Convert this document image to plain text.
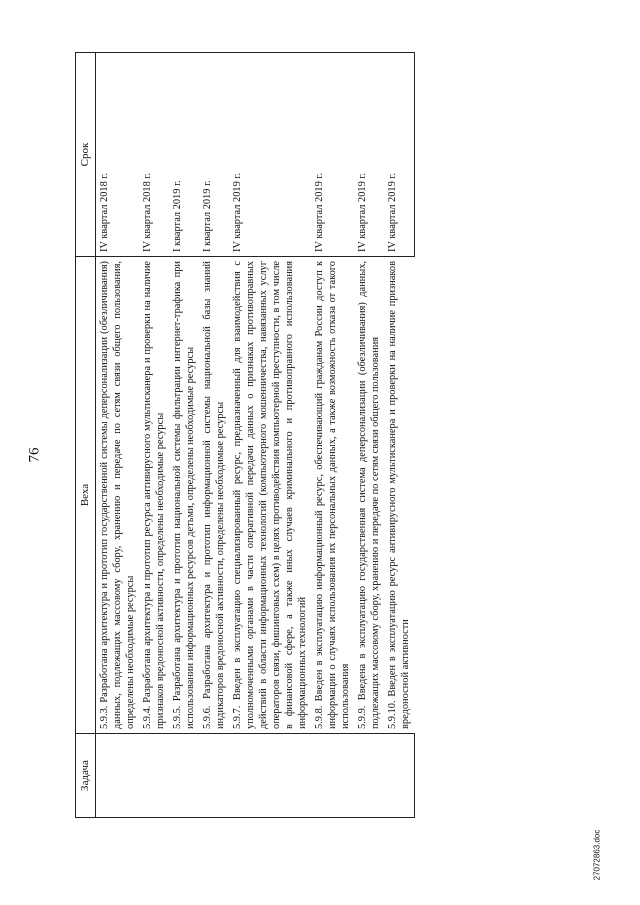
76
Задача	Веха	Срок
	5.9.3. Разработана архитектура и прототип государственной системы деперсонализации (обезличивания) данных, подлежащих массовому сбору, хранению и передаче по сетям связи общего пользования, определены необходимые ресурсы	IV квартал 2018 г.
	5.9.4. Разработана архитектура и прототип ресурса антивирусного мультисканера и проверки на наличие признаков вредоносной активности, определены необходимые ресурсы	IV квартал 2018 г.
	5.9.5. Разработана архитектура и прототип национальной системы фильтрации интернет-трафика при использовании информационных ресурсов детьми, определены необходимые ресурсы	I квартал 2019 г.
	5.9.6. Разработана архитектура и прототип информационной системы национальной базы знаний индикаторов вредоносной активности, определены необходимые ресурсы	I квартал 2019 г.
	5.9.7. Введен в эксплуатацию специализированный ресурс, предназначенный для взаимодействия с уполномоченными органами в части оперативной передачи данных о признаках противоправных действий в области информационных технологий (компьютерного мошенничества, навязанных услуг операторов связи, фишинговых схем) в целях противодействия компьютерной преступности, в том числе в финансовой сфере, а также иных случаев криминального и противоправного использования информационных технологий	IV квартал 2019 г.
	5.9.8. Введен в эксплуатацию информационный ресурс, обеспечивающий гражданам России доступ к информации о случаях использования их персональных данных, а также возможность отказа от такого использования	IV квартал 2019 г.
	5.9.9. Введена в эксплуатацию государственная система деперсонализации (обезличивания) данных, подлежащих массовому сбору, хранению и передаче по сетям связи общего пользования	IV квартал 2019 г.
	5.9.10. Введен в эксплуатацию ресурс антивирусного мультисканера и проверки на наличие признаков вредоносной активности	IV квартал 2019 г.
27072863.doc
